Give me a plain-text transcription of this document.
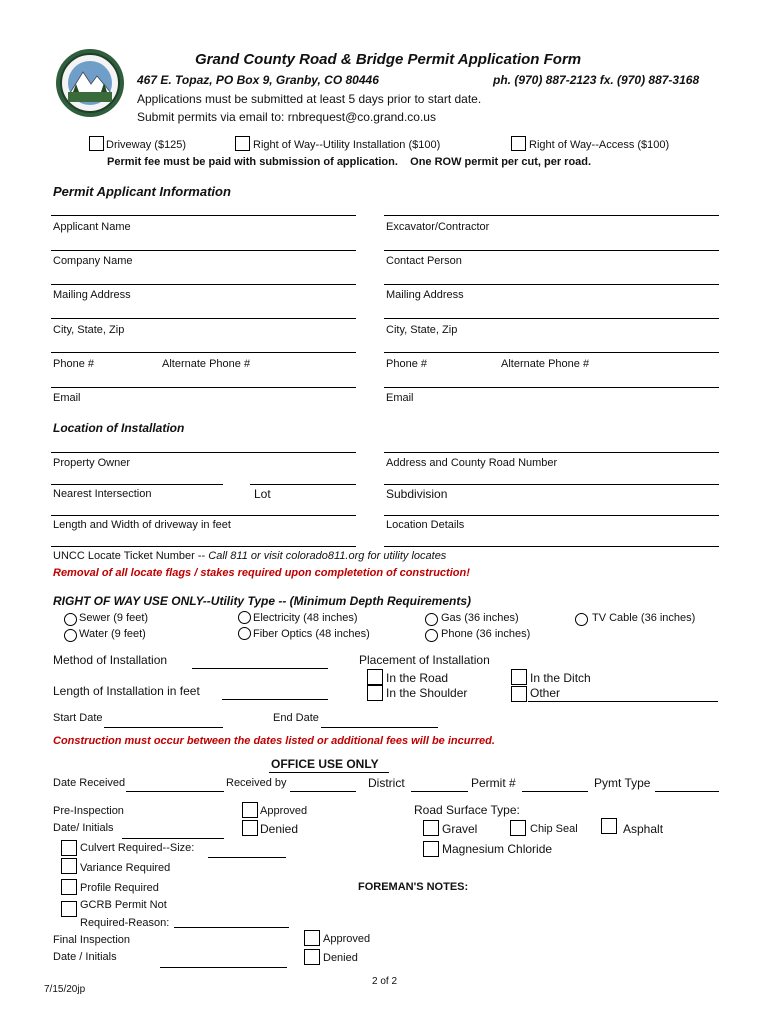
Grand County Road & Bridge Permit Application Form
467 E. Topaz, PO Box 9, Granby, CO 80446	ph. (970) 887-2123 fx. (970) 887-3168
Applications must be submitted at least 5 days prior to start date.
Submit permits via email to: rnbrequest@co.grand.co.us
Driveway ($125)	Right of Way--Utility Installation ($100)	Right of Way--Access ($100)
Permit fee must be paid with submission of application.    One ROW permit per cut, per road.
Permit Applicant Information
Applicant Name	Excavator/Contractor
Company Name	Contact Person
Mailing Address	Mailing Address
City, State, Zip	City, State, Zip
Phone #	Alternate Phone #	Phone #	Alternate Phone #
Email	Email
Location of Installation
Property Owner	Address and County Road Number
Nearest Intersection	Lot	Subdivision
Length and Width of driveway in feet	Location Details
UNCC Locate Ticket Number -- Call 811 or visit colorado811.org for utility locates
Removal of all locate flags / stakes required upon completetion of construction!
RIGHT OF WAY USE ONLY--Utility Type -- (Minimum Depth Requirements)
Sewer (9 feet)
Water (9 feet)
Electricity (48 inches)
Fiber Optics (48 inches)
Gas (36 inches)
Phone (36 inches)
TV Cable (36 inches)
Method of Installation
Length of Installation in feet
Placement of Installation
In the Road
In the Shoulder
In the Ditch
Other
Start Date	End Date
Construction must occur between the dates listed or additional fees will be incurred.
OFFICE USE ONLY
Date Received	Received by	District	Permit #	Pymt Type
Pre-Inspection
Date/ Initials
Approved
Denied
Road Surface Type:
Gravel	Chip Seal	Asphalt
Magnesium Chloride
Culvert Required--Size:
Variance Required
Profile Required
GCRB Permit Not
Required-Reason:
FOREMAN'S NOTES:
Final Inspection
Date / Initials
Approved
Denied
7/15/20jp
2 of 2
